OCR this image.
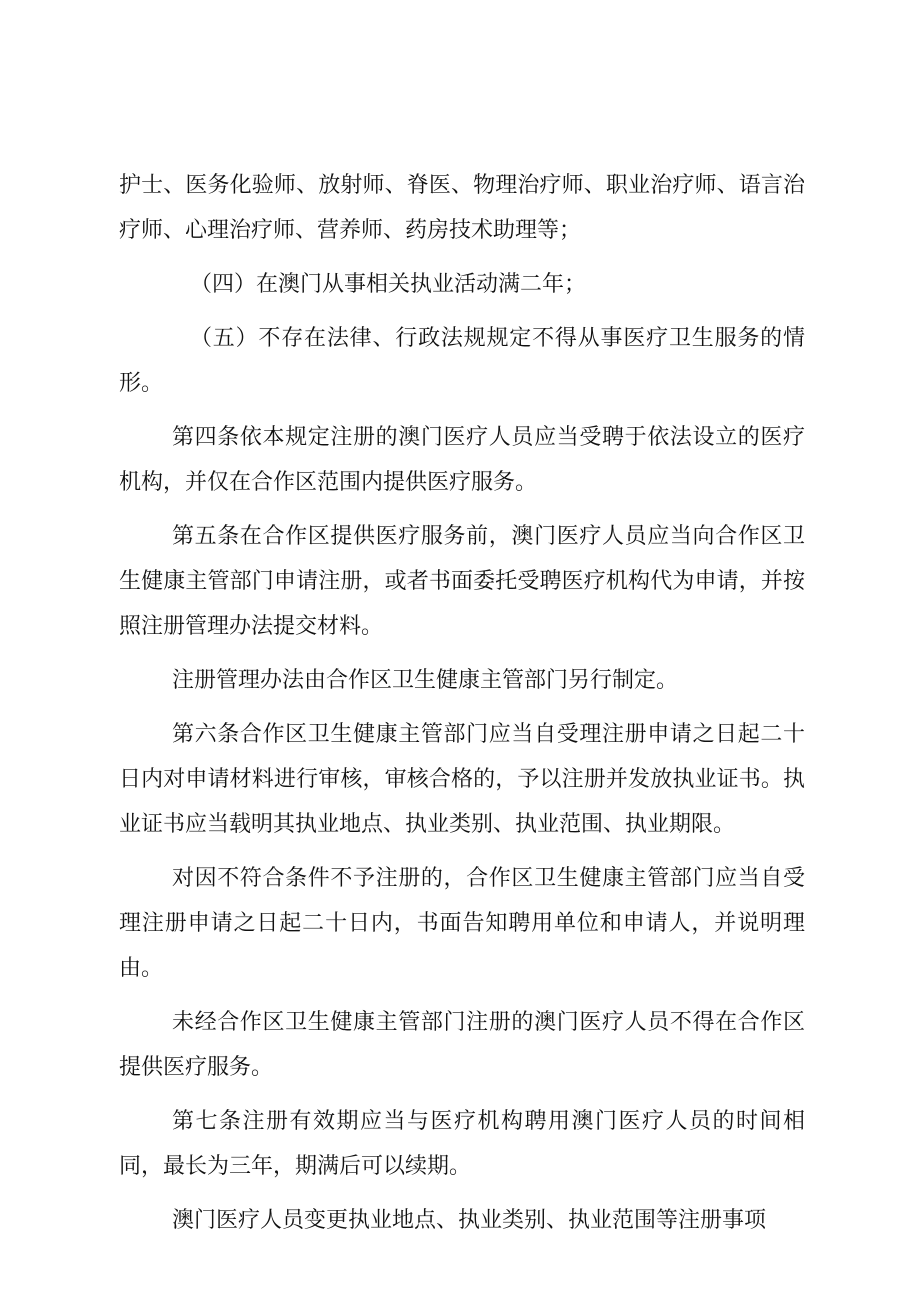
护士、医务化验师、放射师、脊医、物理治疗师、职业治疗师、语言治疗师、心理治疗师、营养师、药房技术助理等；

（四）在澳门从事相关执业活动满二年；

（五）不存在法律、行政法规规定不得从事医疗卫生服务的情形。

第四条依本规定注册的澳门医疗人员应当受聘于依法设立的医疗机构，并仅在合作区范围内提供医疗服务。

第五条在合作区提供医疗服务前，澳门医疗人员应当向合作区卫生健康主管部门申请注册，或者书面委托受聘医疗机构代为申请，并按照注册管理办法提交材料。

注册管理办法由合作区卫生健康主管部门另行制定。

第六条合作区卫生健康主管部门应当自受理注册申请之日起二十日内对申请材料进行审核，审核合格的，予以注册并发放执业证书。执业证书应当载明其执业地点、执业类别、执业范围、执业期限。

对因不符合条件不予注册的，合作区卫生健康主管部门应当自受理注册申请之日起二十日内，书面告知聘用单位和申请人，并说明理由。

未经合作区卫生健康主管部门注册的澳门医疗人员不得在合作区提供医疗服务。

第七条注册有效期应当与医疗机构聘用澳门医疗人员的时间相同，最长为三年，期满后可以续期。

澳门医疗人员变更执业地点、执业类别、执业范围等注册事项
